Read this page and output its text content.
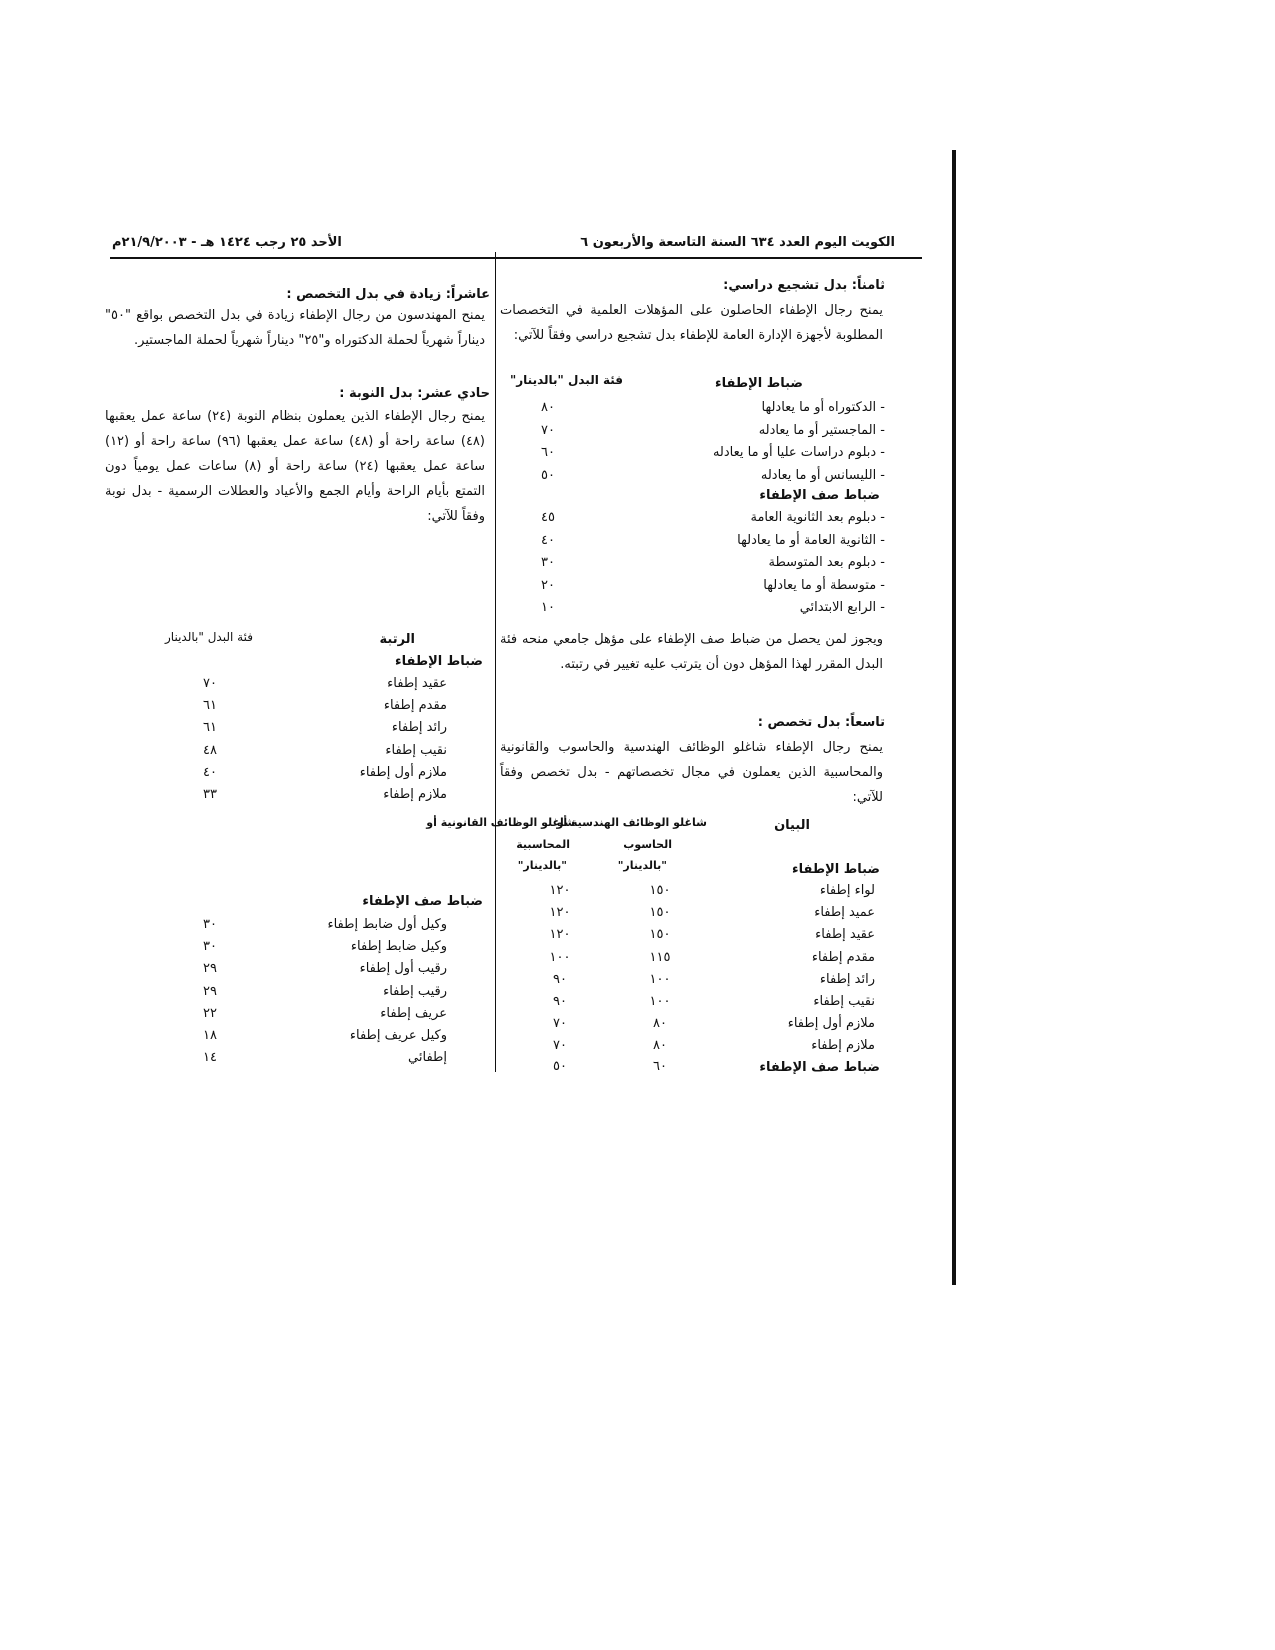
الكويت اليوم العدد ٦٣٤ السنة التاسعة والأربعون ٦
الأحد ٢٥ رجب ١٤٢٤ هـ - ٢١/٩/٢٠٠٣م
ثامناً: بدل تشجيع دراسي:
يمنح رجال الإطفاء الحاصلون على المؤهلات العلمية في التخصصات المطلوبة لأجهزة الإدارة العامة للإطفاء بدل تشجيع دراسي وفقاً للآتي:
ضباط الإطفاء
فئة البدل "بالدينار"
- الدكتوراه أو ما يعادلها
٨٠
- الماجستير أو ما يعادله
٧٠
- دبلوم دراسات عليا أو ما يعادله
٦٠
- الليسانس أو ما يعادله
٥٠
ضباط صف الإطفاء
- دبلوم بعد الثانوية العامة
٤٥
- الثانوية العامة أو ما يعادلها
٤٠
- دبلوم بعد المتوسطة
٣٠
- متوسطة أو ما يعادلها
٢٠
- الرابع الابتدائي
١٠
ويجوز لمن يحصل من ضباط صف الإطفاء على مؤهل جامعي منحه فئة البدل المقرر لهذا المؤهل دون أن يترتب عليه تغيير في رتبته.
تاسعاً: بدل تخصص :
يمنح رجال الإطفاء شاغلو الوظائف الهندسية والحاسوب والقانونية والمحاسبية الذين يعملون في مجال تخصصاتهم - بدل تخصص وفقاً للآتي:
البيان
شاغلو الوظائف الهندسية أو
شاغلو الوظائف القانونية أو
الحاسوب
المحاسبية
"بالدينار"
"بالدينار"	ضباط الإطفاء
لواء إطفاء
١٥٠
١٢٠
عميد إطفاء
١٥٠
١٢٠
عقيد إطفاء
١٥٠
١٢٠
مقدم إطفاء
١١٥
١٠٠
رائد إطفاء
١٠٠
٩٠
نقيب إطفاء
١٠٠
٩٠
ملازم أول إطفاء
٨٠
٧٠
ملازم إطفاء
٨٠
٧٠
ضباط صف الإطفاء
٦٠
٥٠
عاشراً: زيادة في بدل التخصص :
يمنح المهندسون من رجال الإطفاء زيادة في بدل التخصص بواقع "٥٠" ديناراً شهرياً لحملة الدكتوراه و"٢٥" ديناراً شهرياً لحملة الماجستير.
حادي عشر: بدل النوبة :
يمنح رجال الإطفاء الذين يعملون بنظام النوبة (٢٤) ساعة عمل يعقبها (٤٨) ساعة راحة أو (٤٨) ساعة عمل يعقبها (٩٦) ساعة راحة أو (١٢) ساعة عمل يعقبها (٢٤) ساعة راحة أو (٨) ساعات عمل يومياً دون التمتع بأيام الراحة وأيام الجمع والأعياد والعطلات الرسمية - بدل نوبة وفقاً للآتي:
الرتبة
فئة البدل "بالدينار
ضباط الإطفاء
عقيد إطفاء
٧٠
مقدم إطفاء
٦١
رائد إطفاء
٦١
نقيب إطفاء
٤٨
ملازم أول إطفاء
٤٠
ملازم إطفاء
٣٣
ضباط صف الإطفاء
وكيل أول ضابط إطفاء
٣٠
وكيل ضابط إطفاء
٣٠
رقيب أول إطفاء
٢٩
رقيب إطفاء
٢٩
عريف إطفاء
٢٢
وكيل عريف إطفاء
١٨
إطفائي
١٤
